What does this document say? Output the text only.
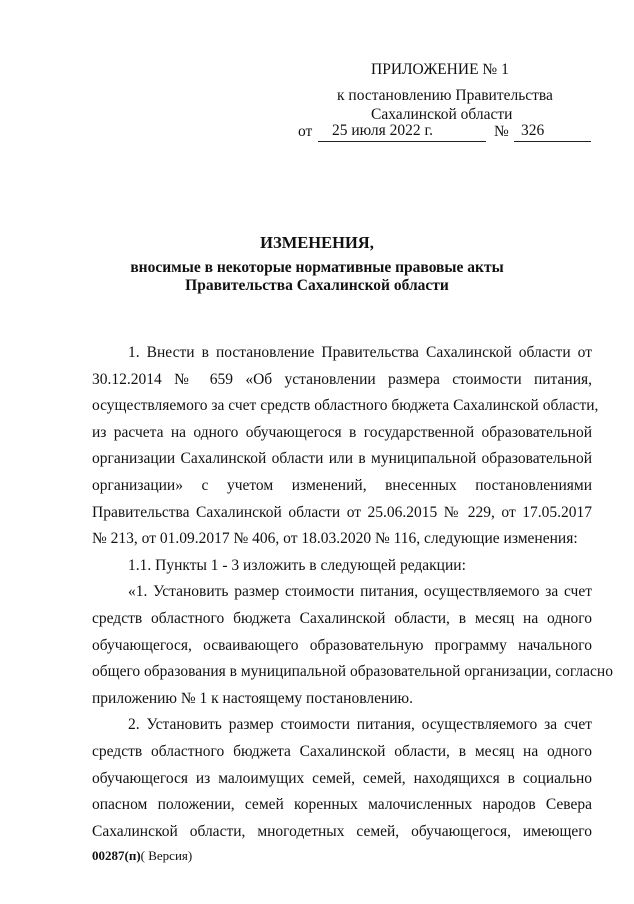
ПРИЛОЖЕНИЕ № 1
к постановлению Правительства
Сахалинской области
от 25 июля 2022 г.	№ 326
ИЗМЕНЕНИЯ,
вносимые в некоторые нормативные правовые акты
Правительства Сахалинской области
1. Внести в постановление Правительства Сахалинской области от
30.12.2014 № 659 «Об установлении размера стоимости питания,
осуществляемого за счет средств областного бюджета Сахалинской области,
из расчета на одного обучающегося в государственной образовательной
организации Сахалинской области или в муниципальной образовательной
организации» с учетом изменений, внесенных постановлениями
Правительства Сахалинской области от 25.06.2015 № 229, от 17.05.2017
№ 213, от 01.09.2017 № 406, от 18.03.2020 № 116, следующие изменения:
1.1. Пункты 1 - 3 изложить в следующей редакции:
«1. Установить размер стоимости питания, осуществляемого за счет
средств областного бюджета Сахалинской области, в месяц на одного
обучающегося, осваивающего образовательную программу начального
общего образования в муниципальной образовательной организации, согласно
приложению № 1 к настоящему постановлению.
2. Установить размер стоимости питания, осуществляемого за счет
средств областного бюджета Сахалинской области, в месяц на одного
обучающегося из малоимущих семей, семей, находящихся в социально
опасном положении, семей коренных малочисленных народов Севера
Сахалинской области, многодетных семей, обучающегося, имеющего
00287(п)( Версия)
